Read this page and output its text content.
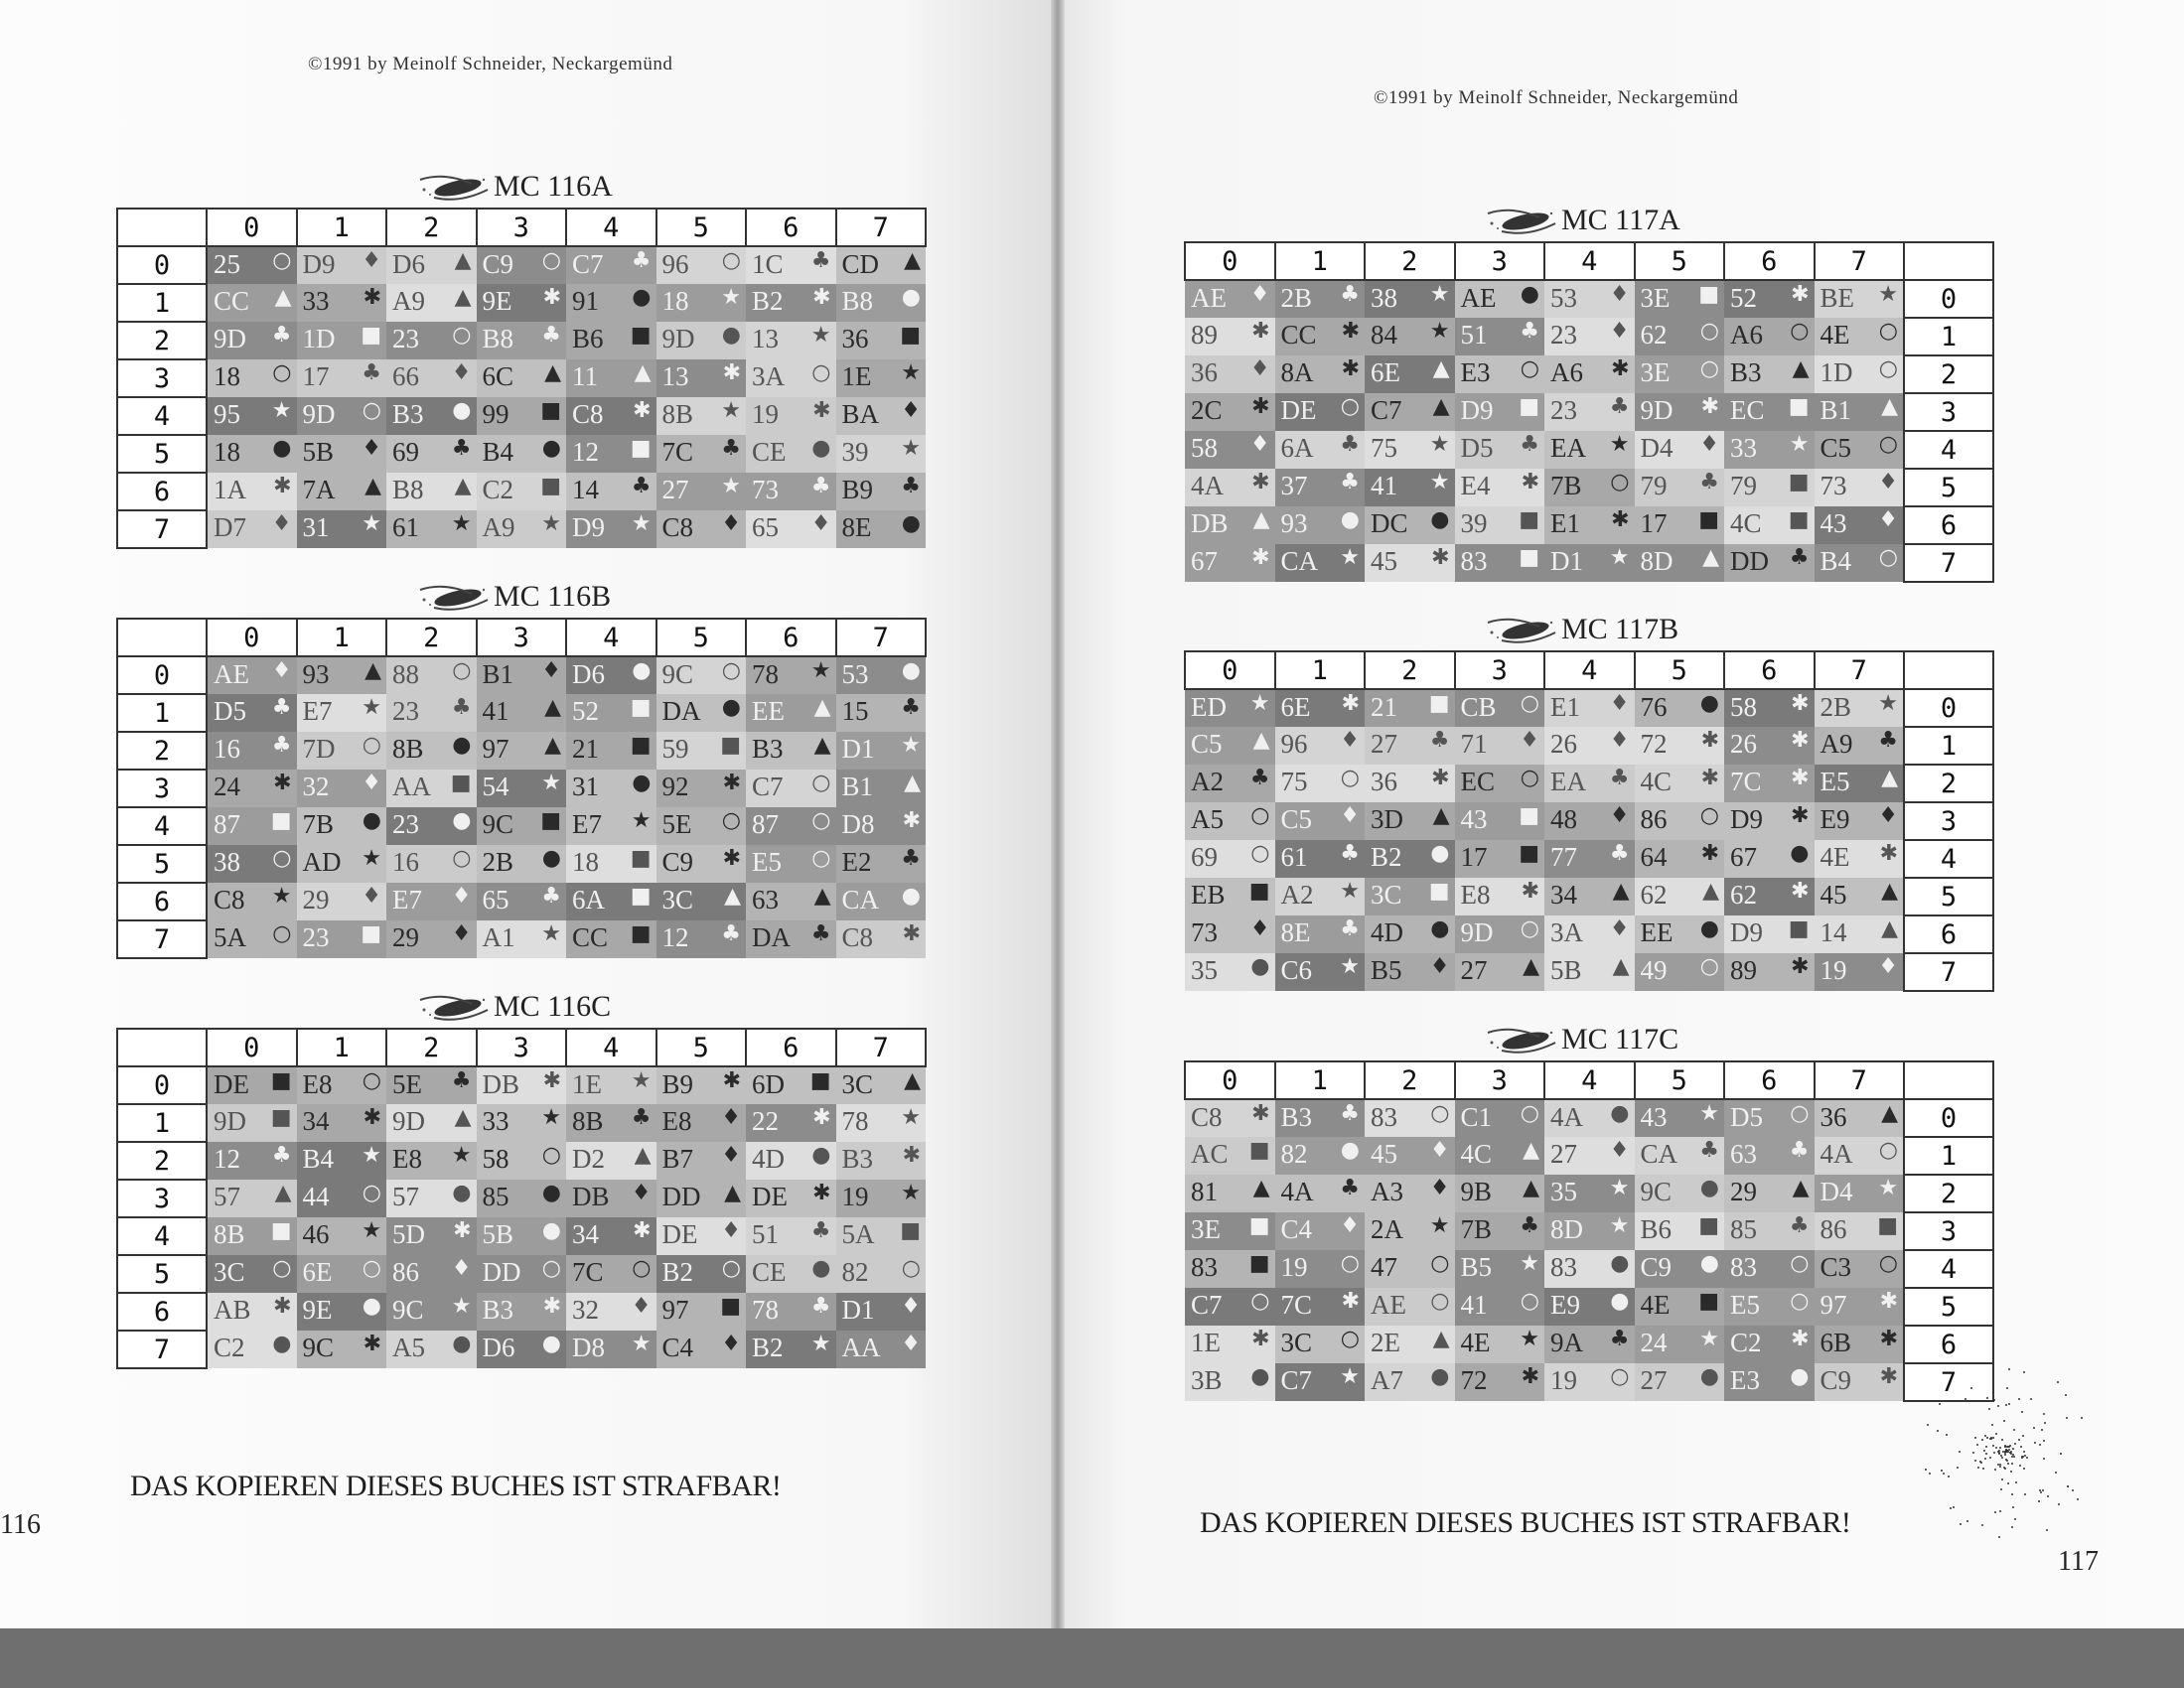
©1991 by Meinolf Schneider, Neckargemünd
DAS KOPIEREN DIESES BUCHES IST STRAFBAR!
116
©1991 by Meinolf Schneider, Neckargemünd
DAS KOPIEREN DIESES BUCHES IST STRAFBAR!
117
MC 116A
	0	1	2	3	4	5	6	7
0	25 ○	D9 ♦	D6 ▲	C9 ○	C7 ♣	96 ○	1C ♣	CD ▲

1	CC ▲	33 ✱	A9 ▲	9E ✱	91 ●	18 ★	B2 ✱	B8 ●

2	9D ♣	1D ■	23 ○	B8 ♣	B6 ■	9D ●	13 ★	36 ■

3	18 ○	17 ♣	66 ♦	6C ▲	11 ▲	13 ✱	3A ○	1E ★

4	95 ★	9D ○	B3 ●	99 ■	C8 ✱	8B ★	19 ✱	BA ♦

5	18 ●	5B ♦	69 ♣	B4 ●	12 ■	7C ♣	CE ●	39 ★

6	1A ✱	7A ▲	B8 ▲	C2 ■	14 ♣	27 ★	73 ♣	B9 ♣

7	D7 ♦	31 ★	61 ★	A9 ★	D9 ★	C8 ♦	65 ♦	8E ●
MC 116B
	0	1	2	3	4	5	6	7
0	AE ♦	93 ▲	88 ○	B1 ♦	D6 ●	9C ○	78 ★	53 ●

1	D5 ♣	E7 ★	23 ♣	41 ▲	52 ■	DA ●	EE ▲	15 ♣

2	16 ♣	7D ○	8B ●	97 ▲	21 ■	59 ■	B3 ▲	D1 ★

3	24 ✱	32 ♦	AA ■	54 ★	31 ●	92 ✱	C7 ○	B1 ▲

4	87 ■	7B ●	23 ●	9C ■	E7 ★	5E ○	87 ○	D8 ✱

5	38 ○	AD ★	16 ○	2B ●	18 ■	C9 ✱	E5 ○	E2 ♣

6	C8 ★	29 ♦	E7 ♦	65 ♣	6A ■	3C ▲	63 ▲	CA ●

7	5A ○	23 ■	29 ♦	A1 ★	CC ■	12 ♣	DA ♣	C8 ✱
MC 116C
	0	1	2	3	4	5	6	7
0	DE ■	E8 ○	5E ♣	DB ✱	1E ★	B9 ✱	6D ■	3C ▲

1	9D ■	34 ✱	9D ▲	33 ★	8B ♣	E8 ♦	22 ✱	78 ★

2	12 ♣	B4 ★	E8 ★	58 ○	D2 ▲	B7 ♦	4D ●	B3 ✱

3	57 ▲	44 ○	57 ●	85 ●	DB ♦	DD ▲	DE ✱	19 ★

4	8B ■	46 ★	5D ✱	5B ●	34 ✱	DE ♦	51 ♣	5A ■

5	3C ○	6E ○	86 ♦	DD ○	7C ○	B2 ○	CE ●	82 ○

6	AB ✱	9E ●	9C ★	B3 ✱	32 ♦	97 ■	78 ♣	D1 ♦

7	C2 ●	9C ✱	A5 ●	D6 ●	D8 ★	C4 ♦	B2 ★	AA ♦
MC 117A
0	1	2	3	4	5	6	7	

AE ♦	2B ♣	38 ★	AE ●	53 ♦	3E ■	52 ✱	BE ★	0

89 ✱	CC ✱	84 ★	51 ♣	23 ♦	62 ○	A6 ○	4E ○	1

36 ♦	8A ✱	6E ▲	E3 ○	A6 ✱	3E ○	B3 ▲	1D ○	2

2C ✱	DE ○	C7 ▲	D9 ■	23 ♣	9D ✱	EC ■	B1 ▲	3

58 ♦	6A ♣	75 ★	D5 ♣	EA ★	D4 ♦	33 ★	C5 ○	4

4A ✱	37 ♣	41 ★	E4 ✱	7B ○	79 ♣	79 ■	73 ♦	5

DB ▲	93 ●	DC ●	39 ■	E1 ✱	17 ■	4C ■	43 ♦	6

67 ✱	CA ★	45 ✱	83 ■	D1 ★	8D ▲	DD ♣	B4 ○	7
MC 117B
0	1	2	3	4	5	6	7	

ED ★	6E ✱	21 ■	CB ○	E1 ♦	76 ●	58 ✱	2B ★	0

C5 ▲	96 ♦	27 ♣	71 ♦	26 ♦	72 ✱	26 ✱	A9 ♣	1

A2 ♣	75 ○	36 ✱	EC ○	EA ♣	4C ✱	7C ✱	E5 ▲	2

A5 ○	C5 ♦	3D ▲	43 ■	48 ♦	86 ○	D9 ✱	E9 ♦	3

69 ○	61 ♣	B2 ●	17 ■	77 ♣	64 ✱	67 ●	4E ✱	4

EB ■	A2 ★	3C ■	E8 ✱	34 ▲	62 ▲	62 ✱	45 ▲	5

73 ♦	8E ♣	4D ●	9D ○	3A ♦	EE ●	D9 ■	14 ▲	6

35 ●	C6 ★	B5 ♦	27 ▲	5B ▲	49 ○	89 ✱	19 ♦	7
MC 117C
0	1	2	3	4	5	6	7	

C8 ✱	B3 ♣	83 ○	C1 ○	4A ●	43 ★	D5 ○	36 ▲	0

AC ■	82 ●	45 ♦	4C ▲	27 ♦	CA ♣	63 ♣	4A ○	1

81 ▲	4A ♣	A3 ♦	9B ▲	35 ★	9C ●	29 ▲	D4 ★	2

3E ■	C4 ♦	2A ★	7B ♣	8D ★	B6 ■	85 ♣	86 ■	3

83 ■	19 ○	47 ○	B5 ★	83 ●	C9 ●	83 ○	C3 ○	4

C7 ○	7C ✱	AE ○	41 ○	E9 ●	4E ■	E5 ○	97 ✱	5

1E ✱	3C ○	2E ▲	4E ★	9A ♣	24 ★	C2 ✱	6B ✱	6

3B ●	C7 ★	A7 ●	72 ✱	19 ○	27 ●	E3 ●	C9 ✱	7
